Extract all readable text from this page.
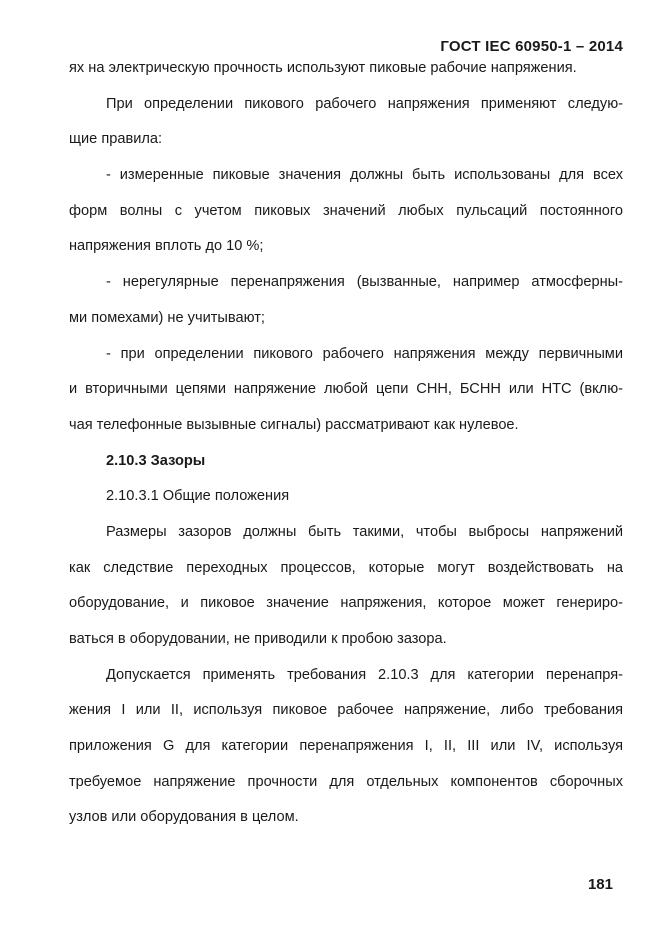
ГОСТ IEC 60950-1 – 2014
ях на электрическую прочность используют пиковые рабочие напряжения.
При определении пикового рабочего напряжения применяют следую-
щие правила:
- измеренные пиковые значения должны быть использованы для всех
форм волны с учетом пиковых значений любых пульсаций постоянного
напряжения вплоть до 10 %;
- нерегулярные перенапряжения (вызванные, например атмосферны-
ми помехами) не учитывают;
- при определении пикового рабочего напряжения между первичными
и вторичными цепями напряжение любой цепи СНН, БСНН или НТС (вклю-
чая телефонные вызывные сигналы) рассматривают как нулевое.
2.10.3 Зазоры
2.10.3.1 Общие положения
Размеры зазоров должны быть такими, чтобы выбросы напряжений
как следствие переходных процессов, которые могут воздействовать на
оборудование, и пиковое значение напряжения, которое может генериро-
ваться в оборудовании, не приводили к пробою зазора.
Допускается применять требования 2.10.3 для категории перенапря-
жения I или II, используя пиковое рабочее напряжение, либо требования
приложения G для категории перенапряжения I, II, III или IV, используя
требуемое напряжение прочности для отдельных компонентов сборочных
узлов или оборудования в целом.
181
